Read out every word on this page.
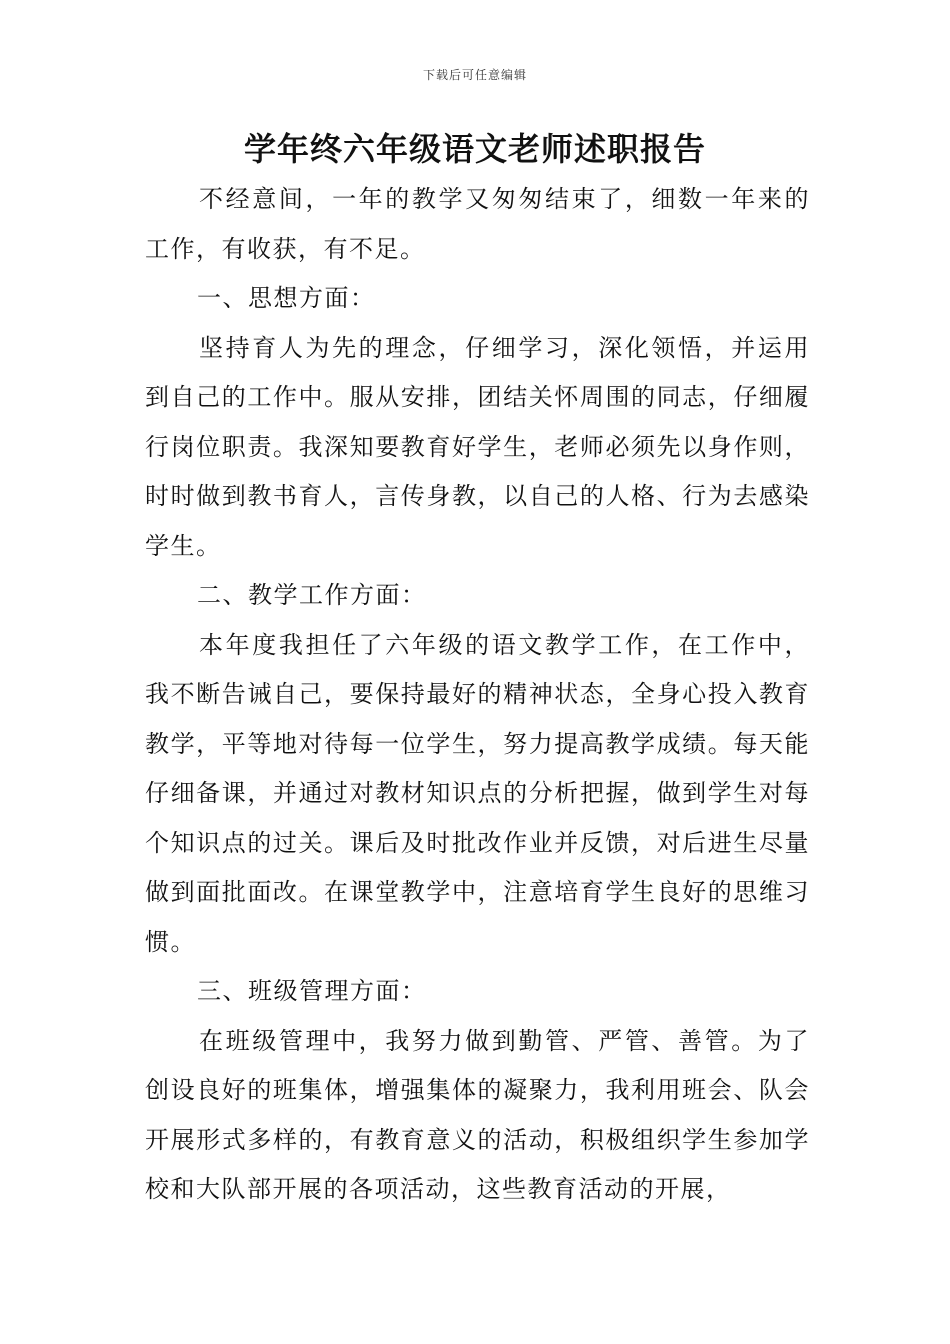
下载后可任意编辑
学年终六年级语文老师述职报告

不经意间，一年的教学又匆匆结束了，细数一年来的工作，有收获，有不足。

一、思想方面：

坚持育人为先的理念，仔细学习，深化领悟，并运用到自己的工作中。服从安排，团结关怀周围的同志，仔细履行岗位职责。我深知要教育好学生，老师必须先以身作则，时时做到教书育人，言传身教，以自己的人格、行为去感染学生。

二、教学工作方面：

本年度我担任了六年级的语文教学工作，在工作中，我不断告诫自己，要保持最好的精神状态，全身心投入教育教学，平等地对待每一位学生，努力提高教学成绩。每天能仔细备课，并通过对教材知识点的分析把握，做到学生对每个知识点的过关。课后及时批改作业并反馈，对后进生尽量做到面批面改。在课堂教学中，注意培育学生良好的思维习惯。

三、班级管理方面：

在班级管理中，我努力做到勤管、严管、善管。为了创设良好的班集体，增强集体的凝聚力，我利用班会、队会开展形式多样的，有教育意义的活动，积极组织学生参加学校和大队部开展的各项活动，这些教育活动的开展，
